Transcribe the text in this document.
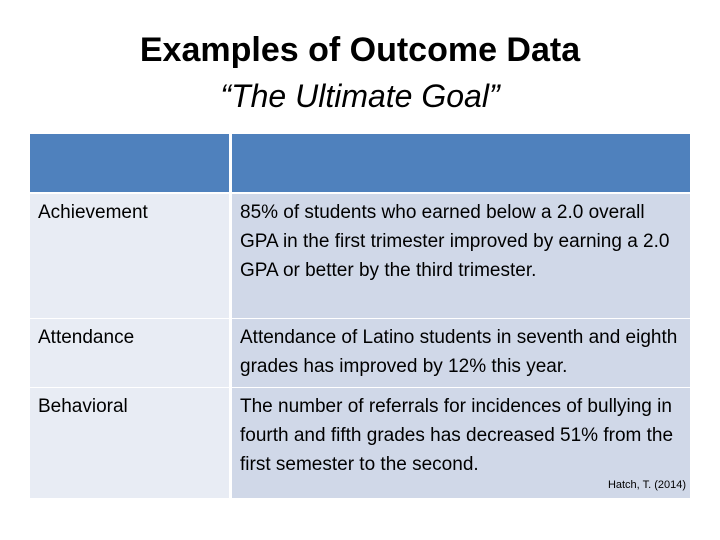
Examples of Outcome Data
“The Ultimate Goal”

Achievement	85% of students who earned below a 2.0 overall GPA in the first trimester improved by earning a 2.0 GPA or better by the third trimester.
Attendance	Attendance of Latino students in seventh and eighth grades has improved by 12% this year.
Behavioral	The number of referrals for incidences of bullying in fourth and fifth grades has decreased 51% from the first semester to the second.
Hatch, T. (2014)
